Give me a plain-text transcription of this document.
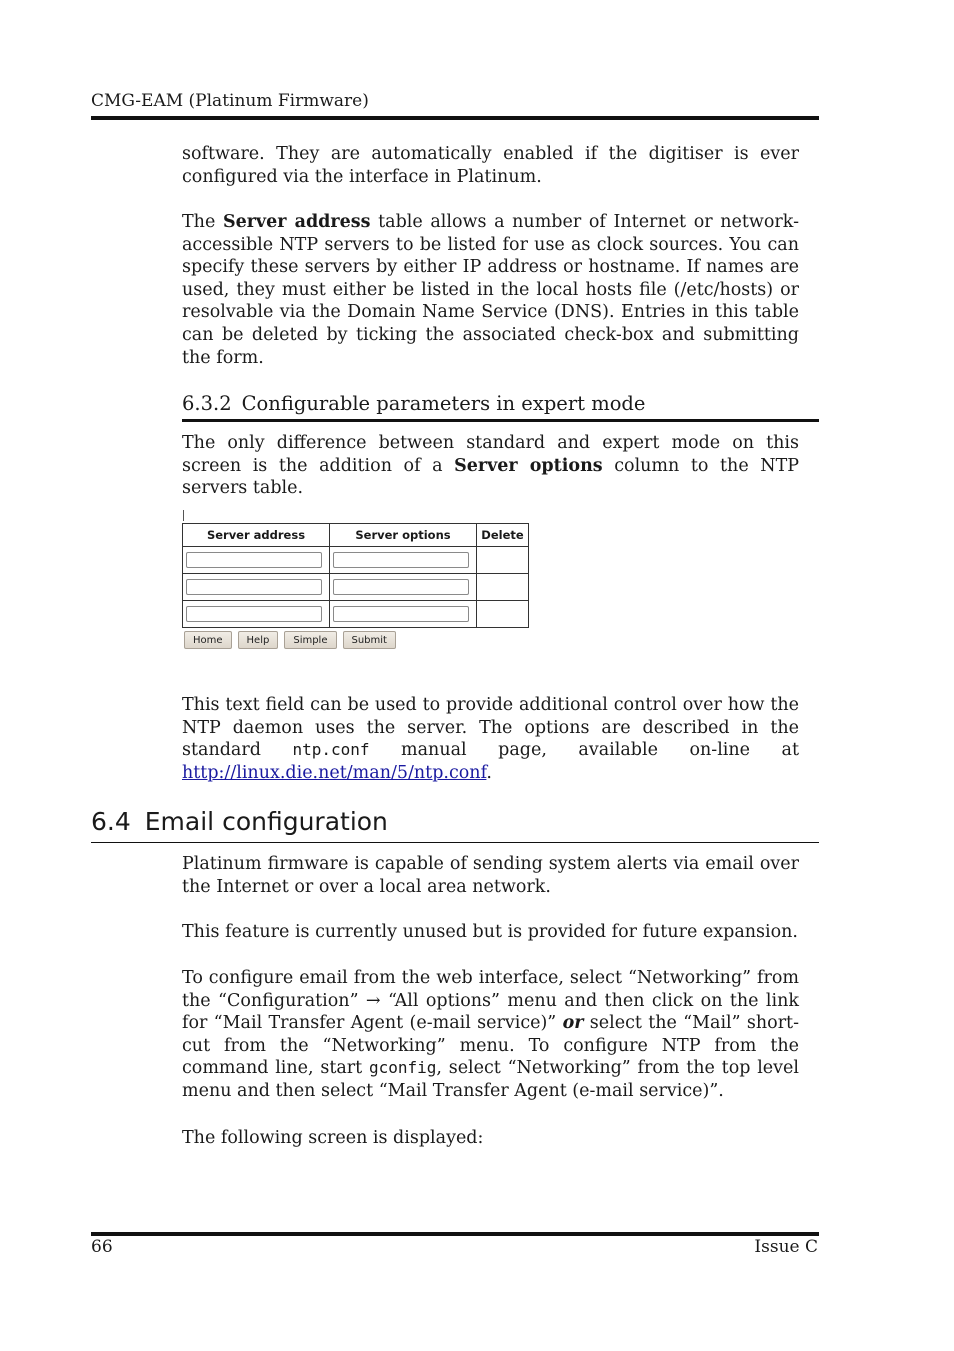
CMG-EAM (Platinum Firmware)
software. They are automatically enabled if the digitiser is ever configured via the interface in Platinum.
The Server address table allows a number of Internet or network-accessible NTP servers to be listed for use as clock sources. You can specify these servers by either IP address or hostname. If names are used, they must either be listed in the local hosts file (/etc/hosts) or resolvable via the Domain Name Service (DNS). Entries in this table can be deleted by ticking the associated check-box and submitting the form.
6.3.2 Configurable parameters in expert mode
The only difference between standard and expert mode on this screen is the addition of a Server options column to the NTP servers table.
Server address	Server options	Delete

Home	Help	Simple	Submit
This text field can be used to provide additional control over how the NTP daemon uses the server. The options are described in the standard ntp.conf manual page, available on-line at http://linux.die.net/man/5/ntp.conf.
6.4 Email configuration
Platinum firmware is capable of sending system alerts via email over the Internet or over a local area network.
This feature is currently unused but is provided for future expansion.
To configure email from the web interface, select “Networking” from the “Configuration” → “All options” menu and then click on the link for “Mail Transfer Agent (e-mail service)” or select the “Mail” short-cut from the “Networking” menu. To configure NTP from the command line, start gconfig, select “Networking” from the top level menu and then select “Mail Transfer Agent (e-mail service)”.
The following screen is displayed:
66	Issue C
